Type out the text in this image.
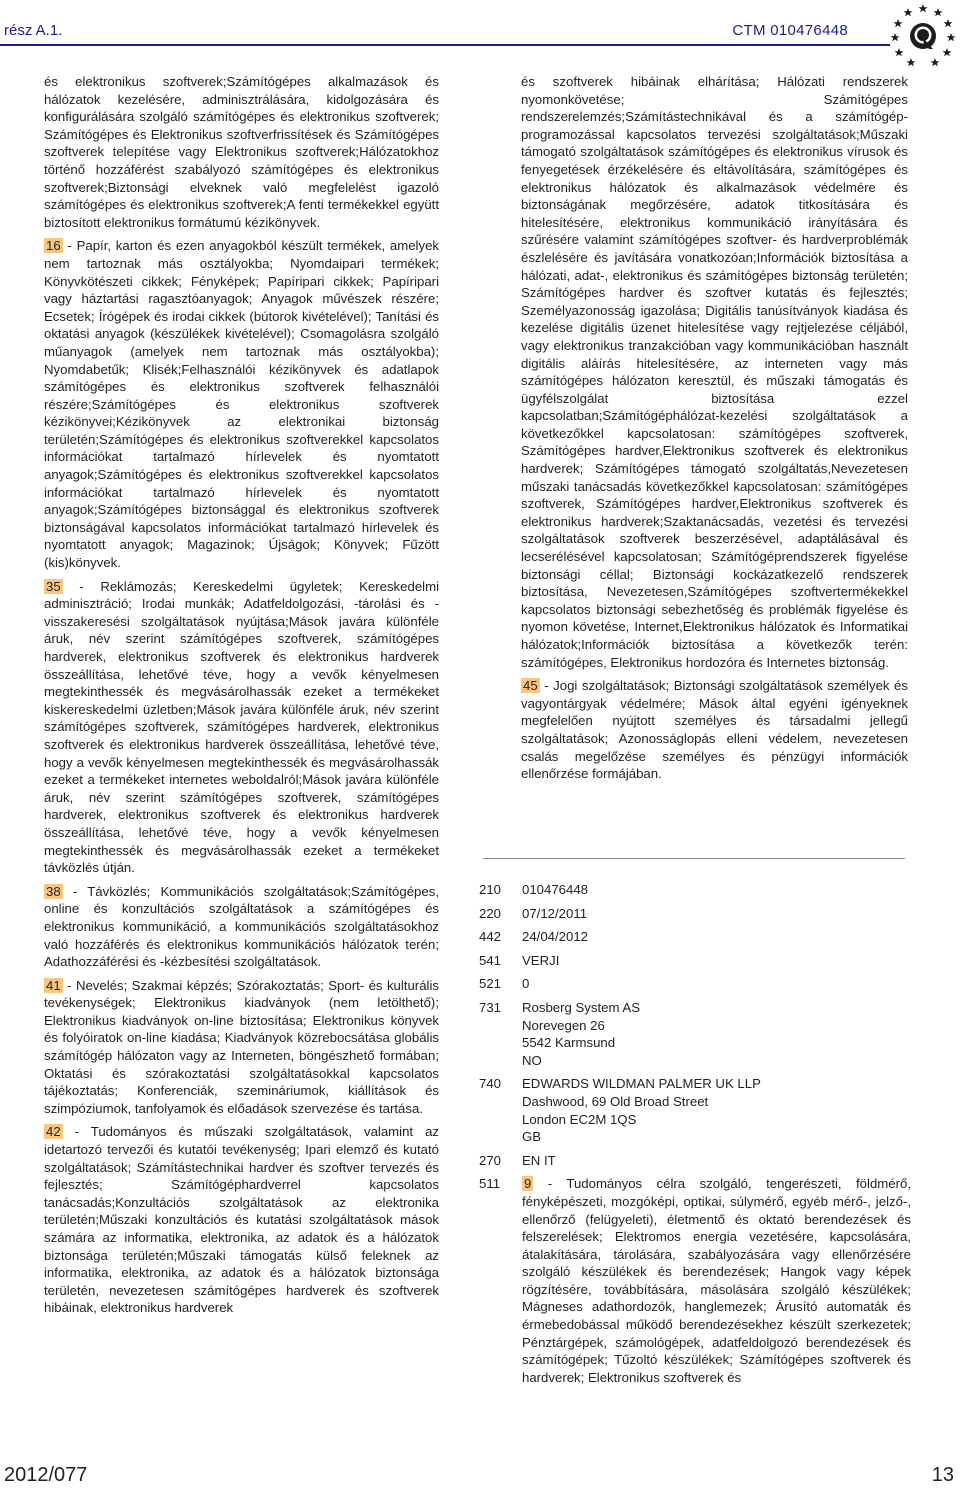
rész A.1.	CTM 010476448

és elektronikus szoftverek;Számítógépes alkalmazások és hálózatok kezelésére, adminisztrálására, kidolgozására és konfigurálására szolgáló számítógépes és elektronikus szoftverek; Számítógépes és Elektronikus szoftverfrissítések és Számítógépes szoftverek telepítése vagy Elektronikus szoftverek;Hálózatokhoz történő hozzáférést szabályozó számítógépes és elektronikus szoftverek;Biztonsági elveknek való megfelelést igazoló számítógépes és elektronikus szoftverek;A fenti termékekkel együtt biztosított elektronikus formátumú kézikönyvek.

16 - Papír, karton és ezen anyagokból készült termékek, amelyek nem tartoznak más osztályokba; Nyomdaipari termékek; Könyvkötészeti cikkek; Fényképek; Papíripari cikkek; Papíripari vagy háztartási ragasztóanyagok; Anyagok művészek részére; Ecsetek; Írógépek és irodai cikkek (bútorok kivételével); Tanítási és oktatási anyagok (készülékek kivételével); Csomagolásra szolgáló műanyagok (amelyek nem tartoznak más osztályokba); Nyomdabetűk; Klisék;Felhasználói kézikönyvek és adatlapok számítógépes és elektronikus szoftverek felhasználói részére;Számítógépes és elektronikus szoftverek kézikönyvei;Kézikönyvek az elektronikai biztonság területén;Számítógépes és elektronikus szoftverekkel kapcsolatos információkat tartalmazó hírlevelek és nyomtatott anyagok;Számítógépes és elektronikus szoftverekkel kapcsolatos információkat tartalmazó hírlevelek és nyomtatott anyagok;Számítógépes biztonsággal és elektronikus szoftverek biztonságával kapcsolatos információkat tartalmazó hírlevelek és nyomtatott anyagok; Magazinok; Újságok; Könyvek; Fűzött (kis)könyvek.

35 - Reklámozás; Kereskedelmi ügyletek; Kereskedelmi adminisztráció; Irodai munkák; Adatfeldolgozási, -tárolási és -visszakeresési szolgáltatások nyújtása;Mások javára különféle áruk, név szerint számítógépes szoftverek, számítógépes hardverek, elektronikus szoftverek és elektronikus hardverek összeállítása, lehetővé téve, hogy a vevők kényelmesen megtekinthessék és megvásárolhassák ezeket a termékeket kiskereskedelmi üzletben;Mások javára különféle áruk, név szerint számítógépes szoftverek, számítógépes hardverek, elektronikus szoftverek és elektronikus hardverek összeállítása, lehetővé téve, hogy a vevők kényelmesen megtekinthessék és megvásárolhassák ezeket a termékeket internetes weboldalról;Mások javára különféle áruk, név szerint számítógépes szoftverek, számítógépes hardverek, elektronikus szoftverek és elektronikus hardverek összeállítása, lehetővé téve, hogy a vevők kényelmesen megtekinthessék és megvásárolhassák ezeket a termékeket távközlés útján.

38 - Távközlés; Kommunikációs szolgáltatások;Számítógépes, online és konzultációs szolgáltatások a számítógépes és elektronikus kommunikáció, a kommunikációs szolgáltatásokhoz való hozzáférés és elektronikus kommunikációs hálózatok terén; Adathozzáférési és -kézbesítési szolgáltatások.

41 - Nevelés; Szakmai képzés; Szórakoztatás; Sport- és kulturális tevékenységek; Elektronikus kiadványok (nem letölthető); Elektronikus kiadványok on-line biztosítása; Elektronikus könyvek és folyóiratok on-line kiadása; Kiadványok közrebocsátása globális számítógép hálózaton vagy az Interneten, böngészhető formában; Oktatási és szórakoztatási szolgáltatásokkal kapcsolatos tájékoztatás; Konferenciák, szemináriumok, kiállítások és szimpóziumok, tanfolyamok és előadások szervezése és tartása.

42 - Tudományos és műszaki szolgáltatások, valamint az idetartozó tervezői és kutatói tevékenység; Ipari elemző és kutató szolgáltatások; Számítástechnikai hardver és szoftver tervezés és fejlesztés; Számítógéphardverrel kapcsolatos tanácsadás;Konzultációs szolgáltatások az elektronika területén;Műszaki konzultációs és kutatási szolgáltatások mások számára az informatika, elektronika, az adatok és a hálózatok biztonsága területén;Műszaki támogatás külső feleknek az informatika, elektronika, az adatok és a hálózatok biztonsága területén, nevezetesen számítógépes hardverek és szoftverek hibáinak, elektronikus hardverek

és szoftverek hibáinak elhárítása; Hálózati rendszerek nyomonkövetése; Számítógépes rendszerelemzés;Számítástechnikával és a számítógép-programozással kapcsolatos tervezési szolgáltatások;Műszaki támogató szolgáltatások számítógépes és elektronikus vírusok és fenyegetések érzékelésére és eltávolítására, számítógépes és elektronikus hálózatok és alkalmazások védelmére és biztonságának megőrzésére, adatok titkosítására és hitelesítésére, elektronikus kommunikáció irányítására és szűrésére valamint számítógépes szoftver- és hardverproblémák észlelésére és javítására vonatkozóan;Információk biztosítása a hálózati, adat-, elektronikus és számítógépes biztonság területén; Számítógépes hardver és szoftver kutatás és fejlesztés; Személyazonosság igazolása; Digitális tanúsítványok kiadása és kezelése digitális üzenet hitelesítése vagy rejtjelezése céljából, vagy elektronikus tranzakcióban vagy kommunikációban használt digitális aláírás hitelesítésére, az interneten vagy más számítógépes hálózaton keresztül, és műszaki támogatás és ügyfélszolgálat biztosítása ezzel kapcsolatban;Számítógéphálózat-kezelési szolgáltatások a következőkkel kapcsolatosan: számítógépes szoftverek, Számítógépes hardver,Elektronikus szoftverek és elektronikus hardverek; Számítógépes támogató szolgáltatás,Nevezetesen műszaki tanácsadás következőkkel kapcsolatosan: számítógépes szoftverek, Számítógépes hardver,Elektronikus szoftverek és elektronikus hardverek;Szaktanácsadás, vezetési és tervezési szolgáltatások szoftverek beszerzésével, adaptálásával és lecserélésével kapcsolatosan; Számítógéprendszerek figyelése biztonsági céllal; Biztonsági kockázatkezelő rendszerek biztosítása, Nevezetesen,Számítógépes szoftvertermékekkel kapcsolatos biztonsági sebezhetőség és problémák figyelése és nyomon követése, Internet,Elektronikus hálózatok és Informatikai hálózatok;Információk biztosítása a következők terén: számítógépes, Elektronikus hordozóra és Internetes biztonság.

45 - Jogi szolgáltatások; Biztonsági szolgáltatások személyek és vagyontárgyak védelmére; Mások által egyéni igényeknek megfelelően nyújtott személyes és társadalmi jellegű szolgáltatások; Azonosságlopás elleni védelem, nevezetesen csalás megelőzése személyes és pénzügyi információk ellenőrzése formájában.

210	010476448
220	07/12/2011
442	24/04/2012
541	VERJI
521	0
731	Rosberg System AS
Norevegen 26
5542 Karmsund
NO
740	EDWARDS WILDMAN PALMER UK LLP
Dashwood, 69 Old Broad Street
London EC2M 1QS
GB
270	EN IT
511	9 - Tudományos célra szolgáló, tengerészeti, földmérő, fényképészeti, mozgóképi, optikai, súlymérő, egyéb mérő-, jelző-, ellenőrző (felügyeleti), életmentő és oktató berendezések és felszerelések; Elektromos energia vezetésére, kapcsolására, átalakítására, tárolására, szabályozására vagy ellenőrzésére szolgáló készülékek és berendezések; Hangok vagy képek rögzítésére, továbbítására, másolására szolgáló készülékek; Mágneses adathordozók, hanglemezek; Árusító automaták és érmebedobással működő berendezésekhez készült szerkezetek; Pénztárgépek, számológépek, adatfeldolgozó berendezések és számítógépek; Tűzoltó készülékek; Számítógépes szoftverek és hardverek; Elektronikus szoftverek és
2012/077	13
